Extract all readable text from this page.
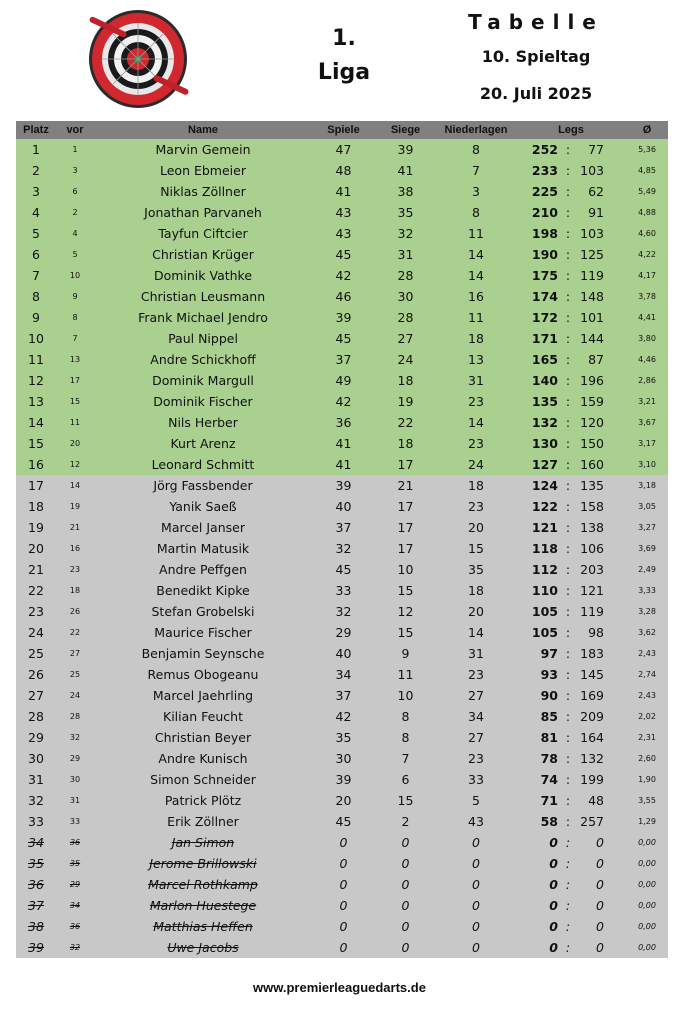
1.
Liga
Tabelle
10. Spieltag
20. Juli 2025
Platz	vor	Name	Spiele	Siege	Niederlagen	Legs			Ø
1	1	Marvin Gemein	47	39	8	252	:	77	5,36
2	3	Leon Ebmeier	48	41	7	233	:	103	4,85
3	6	Niklas Zöllner	41	38	3	225	:	62	5,49
4	2	Jonathan Parvaneh	43	35	8	210	:	91	4,88
5	4	Tayfun Ciftcier	43	32	11	198	:	103	4,60
6	5	Christian Krüger	45	31	14	190	:	125	4,22
7	10	Dominik Vathke	42	28	14	175	:	119	4,17
8	9	Christian Leusmann	46	30	16	174	:	148	3,78
9	8	Frank Michael Jendro	39	28	11	172	:	101	4,41
10	7	Paul Nippel	45	27	18	171	:	144	3,80
11	13	Andre Schickhoff	37	24	13	165	:	87	4,46
12	17	Dominik Margull	49	18	31	140	:	196	2,86
13	15	Dominik Fischer	42	19	23	135	:	159	3,21
14	11	Nils Herber	36	22	14	132	:	120	3,67
15	20	Kurt Arenz	41	18	23	130	:	150	3,17
16	12	Leonard Schmitt	41	17	24	127	:	160	3,10
17	14	Jörg Fassbender	39	21	18	124	:	135	3,18
18	19	Yanik Saeß	40	17	23	122	:	158	3,05
19	21	Marcel Janser	37	17	20	121	:	138	3,27
20	16	Martin Matusik	32	17	15	118	:	106	3,69
21	23	Andre Peffgen	45	10	35	112	:	203	2,49
22	18	Benedikt Kipke	33	15	18	110	:	121	3,33
23	26	Stefan Grobelski	32	12	20	105	:	119	3,28
24	22	Maurice Fischer	29	15	14	105	:	98	3,62
25	27	Benjamin Seynsche	40	9	31	97	:	183	2,43
26	25	Remus Obogeanu	34	11	23	93	:	145	2,74
27	24	Marcel Jaehrling	37	10	27	90	:	169	2,43
28	28	Kilian Feucht	42	8	34	85	:	209	2,02
29	32	Christian Beyer	35	8	27	81	:	164	2,31
30	29	Andre Kunisch	30	7	23	78	:	132	2,60
31	30	Simon Schneider	39	6	33	74	:	199	1,90
32	31	Patrick Plötz	20	15	5	71	:	48	3,55
33	33	Erik Zöllner	45	2	43	58	:	257	1,29
34	36	Jan Simon	0	0	0	0	:	0	0,00
35	35	Jerome Brillowski	0	0	0	0	:	0	0,00
36	29	Marcel Rothkamp	0	0	0	0	:	0	0,00
37	34	Marlon Huestege	0	0	0	0	:	0	0,00
38	36	Matthias Heffen	0	0	0	0	:	0	0,00
39	32	Uwe Jacobs	0	0	0	0	:	0	0,00
www.premierleaguedarts.de
